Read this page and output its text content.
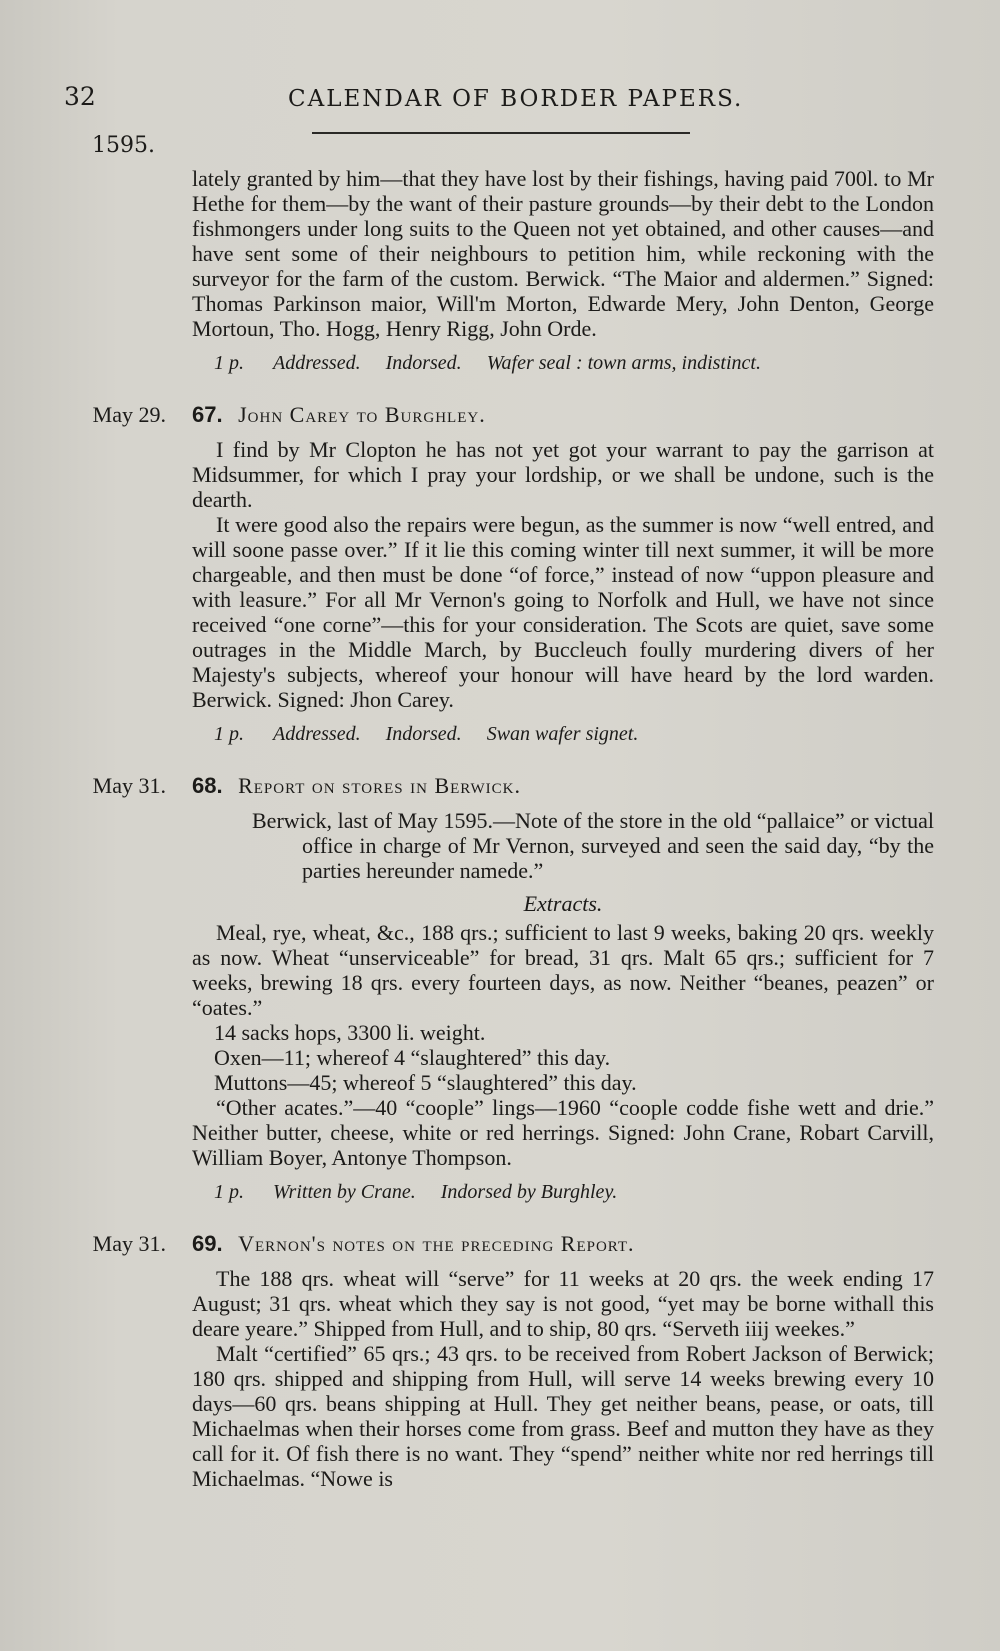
32	CALENDAR OF BORDER PAPERS.
1595.

lately granted by him—that they have lost by their fishings, having paid 700l. to Mr Hethe for them—by the want of their pasture grounds—by their debt to the London fishmongers under long suits to the Queen not yet obtained, and other causes—and have sent some of their neighbours to petition him, while reckoning with the surveyor for the farm of the custom. Berwick. “The Maior and aldermen.” Signed: Thomas Parkinson maior, Will'm Morton, Edwarde Mery, John Denton, George Mortoun, Tho. Hogg, Henry Rigg, John Orde.

1 p. Addressed. Indorsed. Wafer seal : town arms, indistinct.
May 29. 67. John Carey to Burghley.

I find by Mr Clopton he has not yet got your warrant to pay the garrison at Midsummer, for which I pray your lordship, or we shall be undone, such is the dearth.

It were good also the repairs were begun, as the summer is now “well entred, and will soone passe over.” If it lie this coming winter till next summer, it will be more chargeable, and then must be done “of force,” instead of now “uppon pleasure and with leasure.” For all Mr Vernon's going to Norfolk and Hull, we have not since received “one corne”—this for your consideration. The Scots are quiet, save some outrages in the Middle March, by Buccleuch foully murdering divers of her Majesty's subjects, whereof your honour will have heard by the lord warden. Berwick. Signed: Jhon Carey.

1 p. Addressed. Indorsed. Swan wafer signet.
May 31. 68. Report on stores in Berwick.

Berwick, last of May 1595.—Note of the store in the old “pallaice” or victual office in charge of Mr Vernon, surveyed and seen the said day, “by the parties hereunder namede.”

Extracts.

Meal, rye, wheat, &c., 188 qrs.; sufficient to last 9 weeks, baking 20 qrs. weekly as now. Wheat “unserviceable” for bread, 31 qrs. Malt 65 qrs.; sufficient for 7 weeks, brewing 18 qrs. every fourteen days, as now. Neither “beanes, peazen” or “oates.”

14 sacks hops, 3300 li. weight.
Oxen—11; whereof 4 “slaughtered” this day.
Muttons—45; whereof 5 “slaughtered” this day.

“Other acates.”—40 “coople” lings—1960 “coople codde fishe wett and drie.” Neither butter, cheese, white or red herrings. Signed: John Crane, Robart Carvill, William Boyer, Antonye Thompson.

1 p. Written by Crane. Indorsed by Burghley.
May 31. 69. Vernon's notes on the preceding Report.

The 188 qrs. wheat will “serve” for 11 weeks at 20 qrs. the week ending 17 August; 31 qrs. wheat which they say is not good, “yet may be borne withall this deare yeare.” Shipped from Hull, and to ship, 80 qrs. “Serveth iiij weekes.”

Malt “certified” 65 qrs.; 43 qrs. to be received from Robert Jackson of Berwick; 180 qrs. shipped and shipping from Hull, will serve 14 weeks brewing every 10 days—60 qrs. beans shipping at Hull. They get neither beans, pease, or oats, till Michaelmas when their horses come from grass. Beef and mutton they have as they call for it. Of fish there is no want. They “spend” neither white nor red herrings till Michaelmas. “Nowe is
